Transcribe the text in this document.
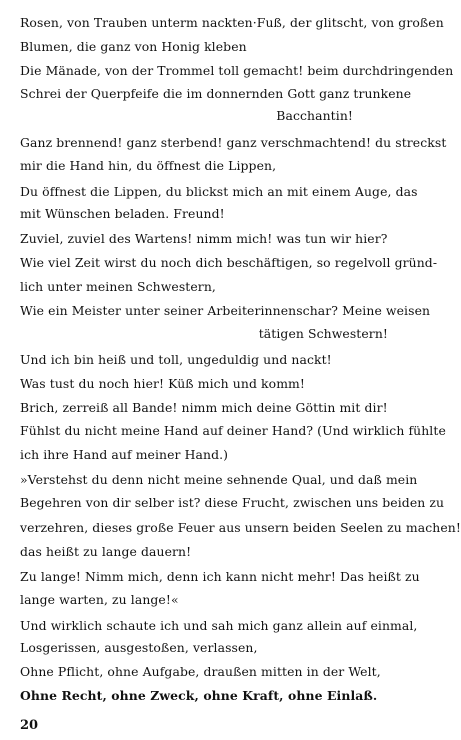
Rosen, von Trauben unterm nackten·Fuß, der glitscht, von großen
Blumen, die ganz von Honig kleben
Die Mänade, von der Trommel toll gemacht! beim durchdringenden
Schrei der Querpfeife die im donnernden Gott ganz trunkene
Bacchantin!
Ganz brennend! ganz sterbend! ganz verschmachtend! du streckst
mir die Hand hin, du öffnest die Lippen,
Du öffnest die Lippen, du blickst mich an mit einem Auge, das
mit Wünschen beladen. Freund!
Zuviel, zuviel des Wartens! nimm mich! was tun wir hier?
Wie viel Zeit wirst du noch dich beschäftigen, so regelvoll gründ-
lich unter meinen Schwestern,
Wie ein Meister unter seiner Arbeiterinnenschar? Meine weisen
tätigen Schwestern!
Und ich bin heiß und toll, ungeduldig und nackt!
Was tust du noch hier! Küß mich und komm!
Brich, zerreiß all Bande! nimm mich deine Göttin mit dir!
Fühlst du nicht meine Hand auf deiner Hand? (Und wirklich fühlte
ich ihre Hand auf meiner Hand.)
»Verstehst du denn nicht meine sehnende Qual, und daß mein
Begehren von dir selber ist? diese Frucht, zwischen uns beiden zu
verzehren, dieses große Feuer aus unsern beiden Seelen zu machen!
das heißt zu lange dauern!
Zu lange! Nimm mich, denn ich kann nicht mehr! Das heißt zu
lange warten, zu lange!«
Und wirklich schaute ich und sah mich ganz allein auf einmal,
Losgerissen, ausgestoßen, verlassen,
Ohne Pflicht, ohne Aufgabe, draußen mitten in der Welt,
Ohne Recht, ohne Zweck, ohne Kraft, ohne Einlaß.
20
